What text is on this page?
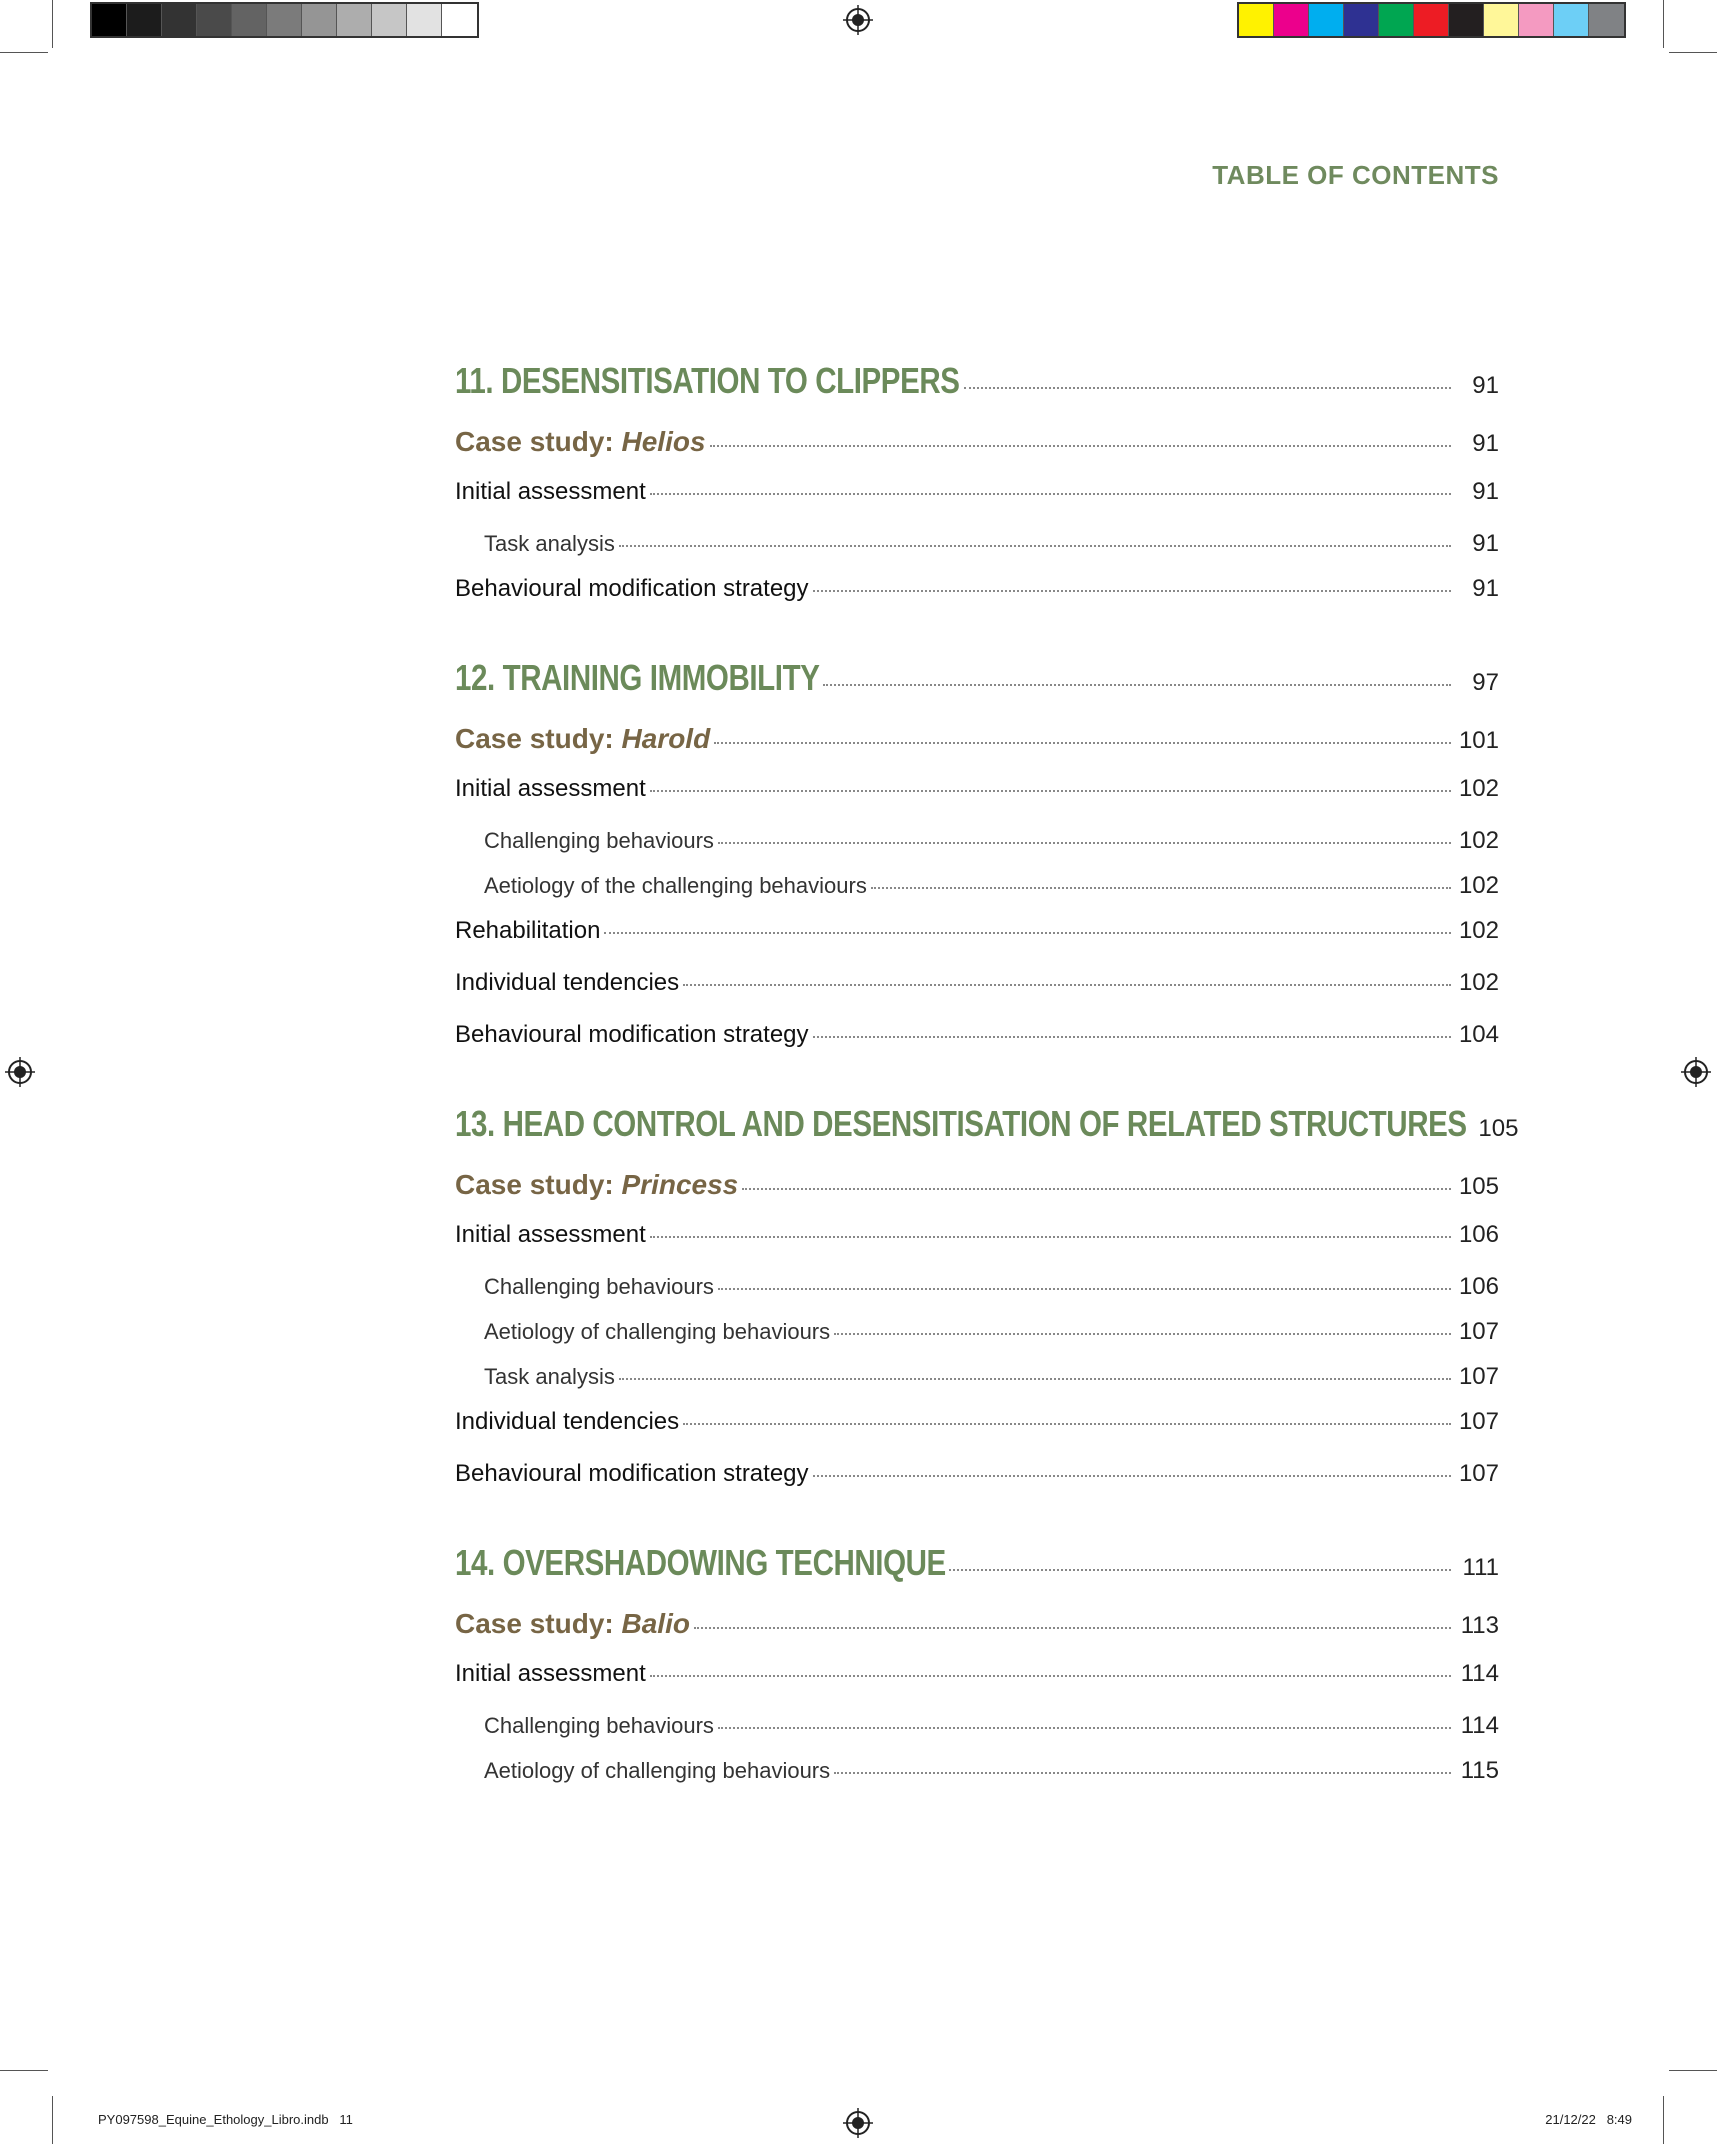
TABLE OF CONTENTS
11. DESENSITISATION TO CLIPPERS	91
Case study: Helios	91
Initial assessment	91
Task analysis	91
Behavioural modification strategy	91
12. TRAINING IMMOBILITY	97
Case study: Harold	101
Initial assessment	102
Challenging behaviours	102
Aetiology of the challenging behaviours	102
Rehabilitation	102
Individual tendencies	102
Behavioural modification strategy	104
13. HEAD CONTROL AND DESENSITISATION OF RELATED STRUCTURES 105
Case study: Princess	105
Initial assessment	106
Challenging behaviours	106
Aetiology of challenging behaviours	107
Task analysis	107
Individual tendencies	107
Behavioural modification strategy	107
14. OVERSHADOWING TECHNIQUE	111
Case study: Balio	113
Initial assessment	114
Challenging behaviours	114
Aetiology of challenging behaviours	115
PY097598_Equine_Ethology_Libro.indb   11	21/12/22   8:49
